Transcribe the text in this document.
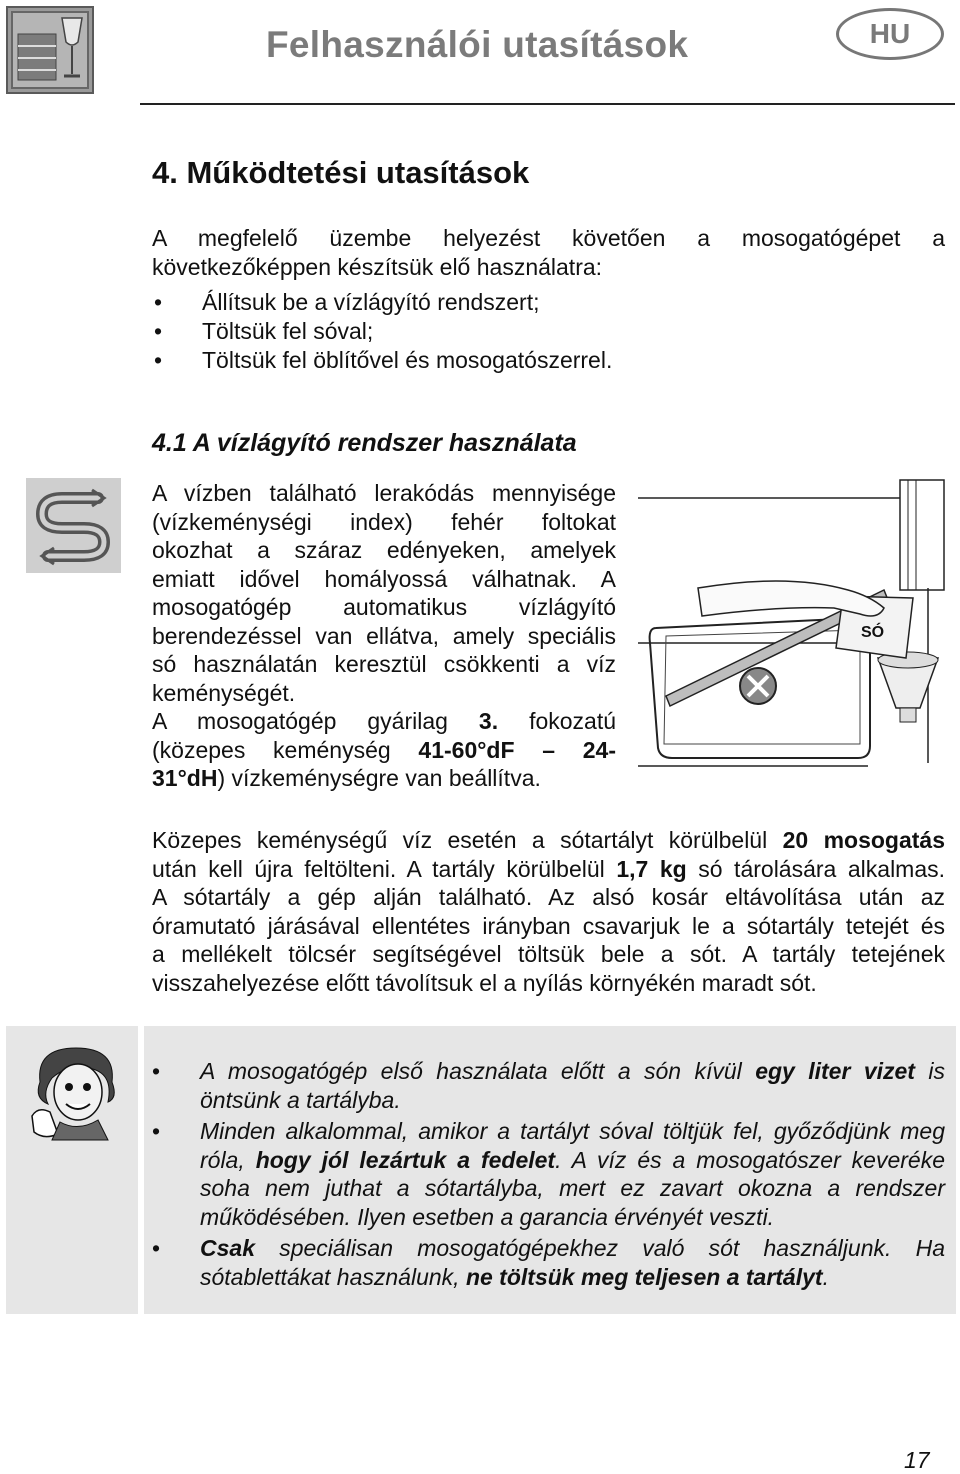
Felhasználói utasítások	HU
4. Működtetési utasítások
A megfelelő üzembe helyezést követően a mosogatógépet a
következőképpen készítsük elő használatra:
• Állítsuk be a vízlágyító rendszert;
• Töltsük fel sóval;
• Töltsük fel öblítővel és mosogatószerrel.
4.1 A vízlágyító rendszer használata
A vízben található lerakódás mennyisége
(vízkeménységi index) fehér foltokat
okozhat a száraz edényeken, amelyek
emiatt idővel homályossá válhatnak. A
mosogatógép automatikus vízlágyító
berendezéssel van ellátva, amely speciális
só használatán keresztül csökkenti a víz
keménységét.
A mosogatógép gyárilag 3. fokozatú
(közepes keménység 41-60°dF – 24-
31°dH) vízkeménységre van beállítva.
SÓ
Közepes keménységű víz esetén a sótartályt körülbelül 20 mosogatás
után kell újra feltölteni. A tartály körülbelül 1,7 kg só tárolására alkalmas.
A sótartály a gép alján található. Az alsó kosár eltávolítása után az
óramutató járásával ellentétes irányban csavarjuk le a sótartály tetejét és
a mellékelt tölcsér segítségével töltsük bele a sót. A tartály tetejének
visszahelyezése előtt távolítsuk el a nyílás környékén maradt sót.
• A mosogatógép első használata előtt a són kívül egy liter vizet is öntsünk a tartályba.
• Minden alkalommal, amikor a tartályt sóval töltjük fel, győződjünk meg róla, hogy jól lezártuk a fedelet. A víz és a mosogatószer keveréke soha nem juthat a sótartályba, mert ez zavart okozna a rendszer működésében. Ilyen esetben a garancia érvényét veszti.
• Csak speciálisan mosogatógépekhez való sót használjunk. Ha sótablettákat használunk, ne töltsük meg teljesen a tartályt.
17
